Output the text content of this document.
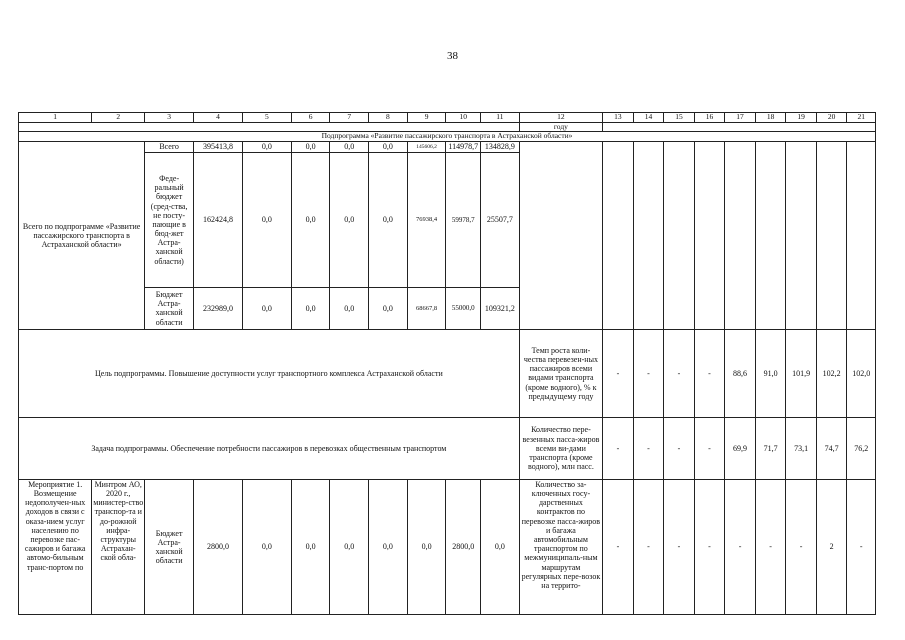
38
1	2	3	4	5	6	7	8	9	10	11	12	13	14	15	16	17	18	19	20	21
											году									
Подпрограмма «Развитие пассажирского транспорта в Астраханской области»																				
Всего по подпрограмме «Развитие пассажирского транспорта в Астраханской области»		Всего	395413,8	0,0	0,0	0,0	0,0	145606,2	114978,7	134828,9										
		Феде-ральный бюджет (сред-ства, не посту-пающие в бюд-жет Астра-ханской области)	162424,8	0,0	0,0	0,0	0,0	76938,4	59978,7	25507,7										
		Бюджет Астра-ханской области	232989,0	0,0	0,0	0,0	0,0	68667,8	55000,0	109321,2										
Цель подпрограммы. Повышение доступности услуг транспортного комплекса Астраханской области											Темп роста коли-чества перевезен-ных пассажиров всеми видами транспорта (кроме водного), % к предыдущему году	-	-	-	-	88,6	91,0	101,9	102,2	102,0
Задача подпрограммы. Обеспечение потребности пассажиров в перевозках общественным транспортом											Количество пере-везенных пасса-жиров всеми ви-дами транспорта (кроме водного), млн пасс.	-	-	-	-	69,9	71,7	73,1	74,7	76,2
Мероприятие 1. Возмещение недополучен-ных доходов в связи с оказа-нием услуг населению по перевозке пас-сажиров и багажа автомо-бильным транс-портом по	Минтром АО, 2020 г., министер-ство транспор-та и до-рожной инфра-структуры Астрахан-ской обла-	Бюджет Астра-ханской области	2800,0	0,0	0,0	0,0	0,0	0,0	2800,0	0,0	Количество за-ключенных госу-дарственных контрактов по перевозке пасса-жиров и багажа автомобильным транспортом по межмуниципаль-ным маршрутам регулярных пере-возок на террито-	-	-	-	-	-	-	-	2	-
